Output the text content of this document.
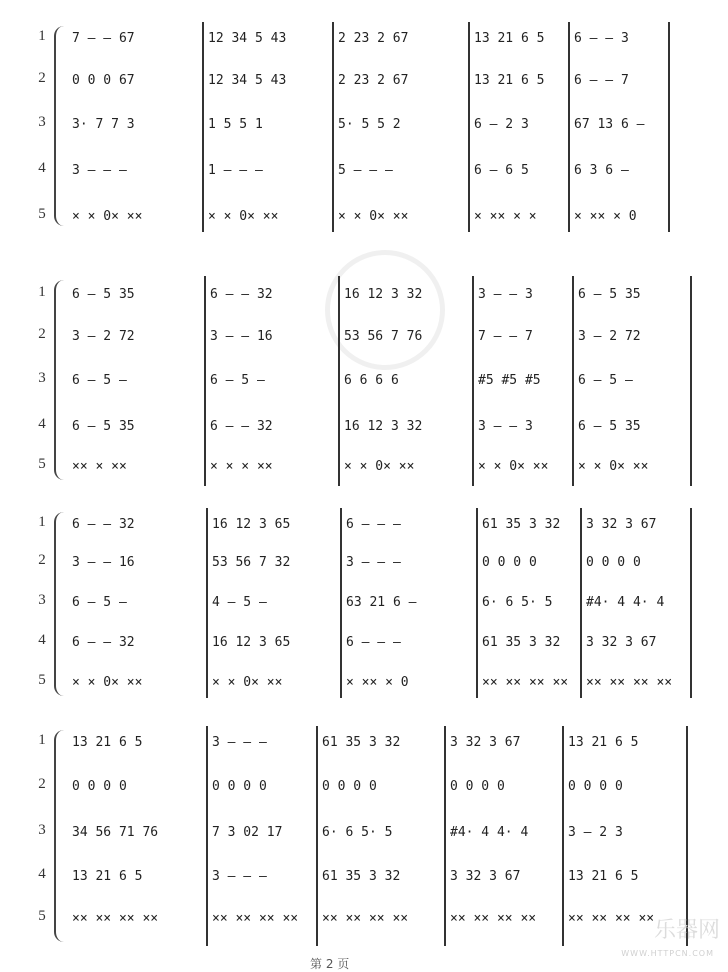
1	7 — — 67	12 34 5 43	2 23 2 67	13 21 6 5	6 — — 3
2	0 0 0 67	12 34 5 43	2 23 2 67	13 21 6 5	6 — — 7
3	3· 7 7 3	1 5 5 1	5· 5 5 2	6 — 2 3	67 13 6 —
4	3 — — —	1 — — —	5 — — —	6 — 6 5	6 3 6 —
5	× × 0× ××	× × 0× ××	× × 0× ××	× ×× × ×	× ×× × 0
1	6 — 5 35	6 — — 32	16 12 3 32	3 — — 3	6 — 5 35
2	3 — 2 72	3 — — 16	53 56 7 76	7 — — 7	3 — 2 72
3	6 — 5 —	6 — 5 —	6 6 6 6	#5 #5 #5	6 — 5 —
4	6 — 5 35	6 — — 32	16 12 3 32	3 — — 3	6 — 5 35
5	×× × ××	× × × ××	× × 0× ××	× × 0× ××	× × 0× ××
1	6 — — 32	16 12 3 65	6 — — —	61 35 3 32	3 32 3 67
2	3 — — 16	53 56 7 32	3 — — —	0 0 0 0	0 0 0 0
3	6 — 5 —	4 — 5 —	63 21 6 —	6· 6 5· 5	#4· 4 4· 4
4	6 — — 32	16 12 3 65	6 — — —	61 35 3 32	3 32 3 67
5	× × 0× ××	× × 0× ××	× ×× × 0	×× ×× ×× ××	×× ×× ×× ××
1	13 21 6 5	3 — — —	61 35 3 32	3 32 3 67	13 21 6 5
2	0 0 0 0	0 0 0 0	0 0 0 0	0 0 0 0	0 0 0 0
3	34 56 71 76	7 3 02 17	6· 6 5· 5	#4· 4 4· 4	3 — 2 3
4	13 21 6 5	3 — — —	61 35 3 32	3 32 3 67	13 21 6 5
5	×× ×× ×× ××	×× ×× ×× ××	×× ×× ×× ××	×× ×× ×× ××	×× ×× ×× ×× 乐器网
WWW.HTTPCN.COM
第 2 页
